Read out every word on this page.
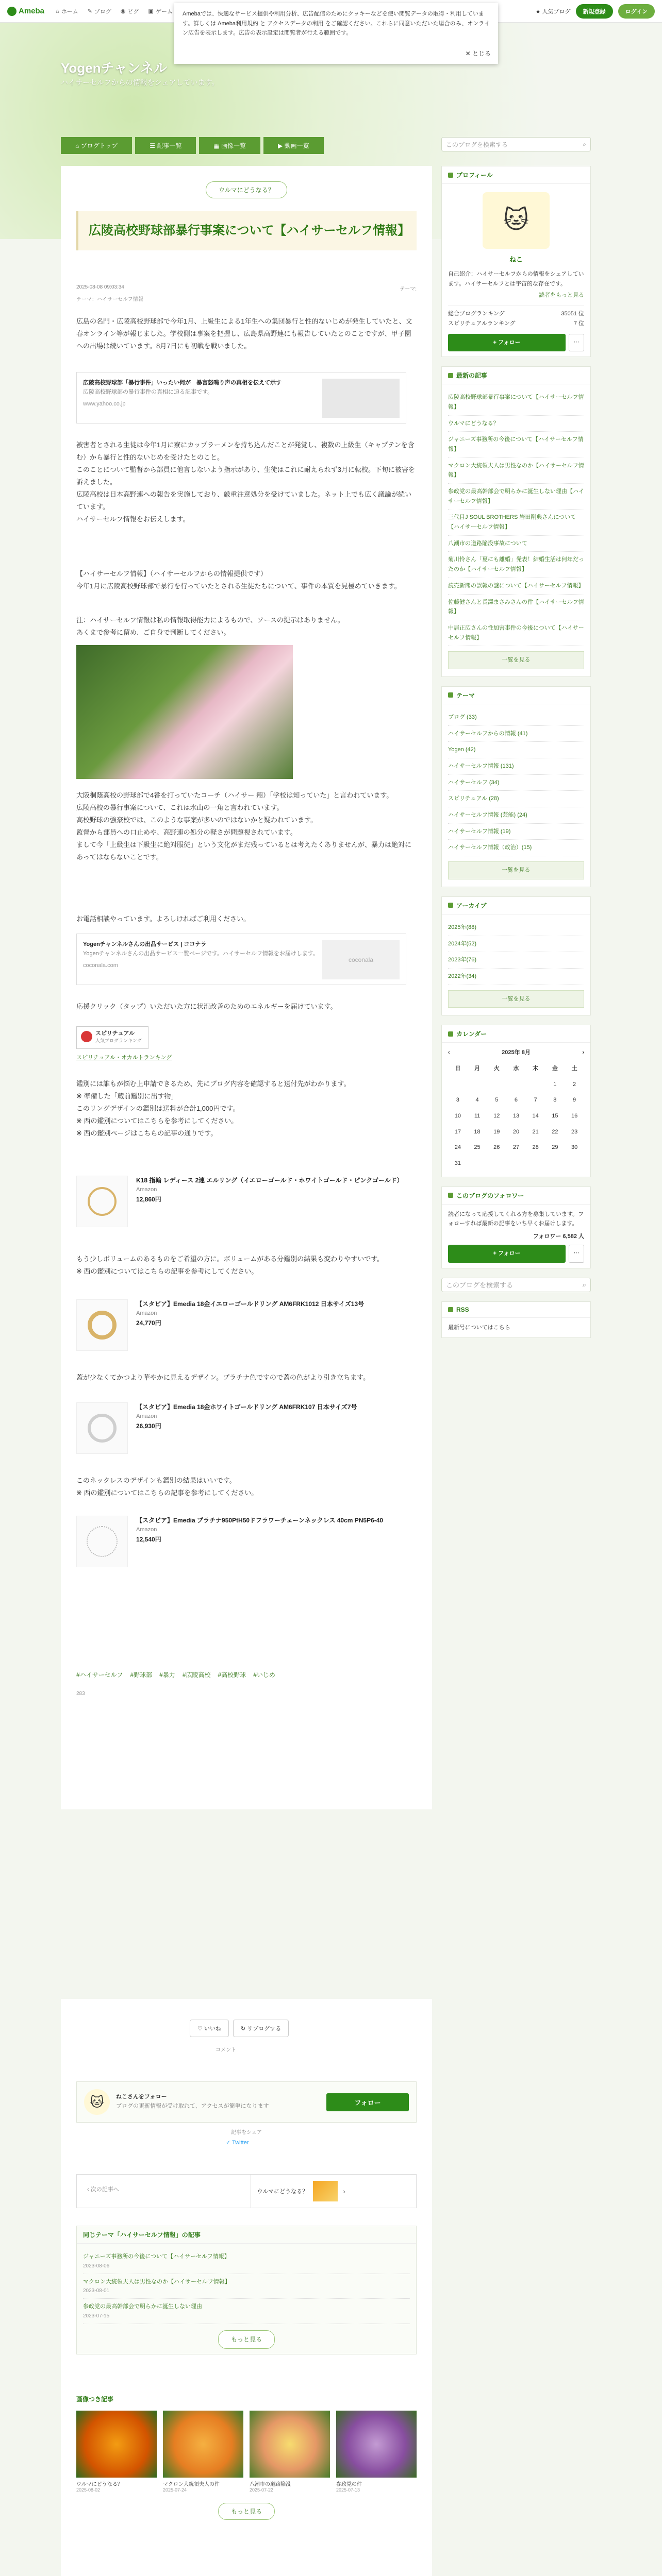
Ameba ⌂ ホーム ✎ ブログ ◉ ピグ ▣ ゲーム	★ 人気ブログ	新規登録	ログイン
Amebaでは、快適なサービス提供や利用分析、広告配信のためにクッキーなどを使い閲覧データの取得・利用しています。詳しくは Ameba利用規約 と アクセスデータの利用 をご確認ください。これらに同意いただいた場合のみ、オンライン広告を表示します。広告の表示設定は閲覧者が行える範囲です。
✕ とじる
Yogenチャンネル
ハイサーセルフからの情報をシェアしています。
⌂ ブログトップ	☰ 記事一覧	▦ 画像一覧	▶ 動画一覧	このブログを検索する	⌕
ウルマにどうなる？
広陵高校野球部暴行事案について【ハイサーセルフ情報】
2025-08-08 09:03:34	テーマ:
テーマ：ハイサーセルフ情報
広島の名門・広陵高校野球部で今年1月、上級生による1年生への集団暴行と性的ないじめが発生していたと、文春オンライン等が報じました。学校側は事案を把握し、広島県高野連にも報告していたとのことですが、甲子園への出場は続いています。8月7日にも初戦を戦いました。
広陵高校野球部「暴行事件」いったい何が　暴言怒鳴り声の真相を伝えて示す
広陵高校野球部の暴行事件の真相に迫る記事です。
www.yahoo.co.jp
被害者とされる生徒は今年1月に寮にカップラーメンを持ち込んだことが発覚し、複数の上級生（キャプテンを含む）から暴行と性的ないじめを受けたとのこと。
このことについて監督から部員に他言しないよう指示があり、生徒はこれに耐えられず3月に転校。下旬に被害を訴えました。
広陵高校は日本高野連への報告を実施しており、厳重注意処分を受けていました。ネット上でも広く議論が続いています。
ハイサーセルフ情報をお伝えします。
【ハイサーセルフ情報】（ハイサーセルフからの情報提供です）
今年1月に広陵高校野球部で暴行を行っていたとされる生徒たちについて、事件の本質を見極めていきます。
注：ハイサーセルフ情報は私の情報取得能力によるもので、ソースの提示はありません。
あくまで参考に留め、ご自身で判断してください。
大阪桐蔭高校の野球部で4番を打っていたコーチ（ハイサー 翔）「学校は知っていた」と言われています。
広陵高校の暴行事案について、これは氷山の一角と言われています。
高校野球の強豪校では、このような事案が多いのではないかと疑われています。
監督から部員への口止めや、高野連の処分の軽さが問題視されています。
まして今「上級生は下級生に絶対服従」という文化がまだ残っているとは考えたくありませんが、暴力は絶対にあってはならないことです。
お電話相談やっています。よろしければご利用ください。
Yogenチャンネルさんの出品サービス | ココナラ
Yogenチャンネルさんの出品サービス一覧ページです。ハイサーセルフ情報をお届けします。
coconala.com
coconala
応援クリック（タップ）いただいた方に状況改善のためのエネルギーを届けています。
スピリチュアル
人気ブログランキング
スピリチュアル・オカルトランキング
鑑別には誰もが悩む上申請できるため、先にブログ内容を確認すると送付先がわかります。
※ 準備した「蔵前鑑別に出す物」
このリングデザインの鑑別は送料が合計1,000円です。
※ 西の鑑別についてはこちらを参考にしてください。
※ 西の鑑別ページはこちらの記事の通りです。
K18 指輪 レディース 2連 エルリング（イエローゴールド・ホワイトゴールド・ピンクゴールド）
Amazon
12,860円
もう少しボリュームのあるものをご希望の方に。ボリュームがある分鑑別の結果も変わりやすいです。
※ 西の鑑別についてはこちらの記事を参考にしてください。
【スタビア】Emedia 18金イエローゴールドリング AM6FRK1012 日本サイズ13号
Amazon
24,770円
蓋が少なくてかつより華やかに見えるデザイン。プラチナ色ですので蓋の色がより引き立ちます。
【スタビア】Emedia 18金ホワイトゴールドリング AM6FRK107 日本サイズ7号
Amazon
26,930円
このネックレスのデザインも鑑別の結果はいいです。
※ 西の鑑別についてはこちらの記事を参考にしてください。
【スタビア】Emedia プラチナ950PtH50ドフラワーチェーンネックレス 40cm PN5P6-40
Amazon
12,540円
#ハイサーセルフ #野球部 #暴力 #広陵高校 #高校野球 #いじめ
283
プロフィール
🐱
ねこ
自己紹介：ハイサーセルフからの情報をシェアしています。ハイサーセルフとは宇宙的な存在です。
読者をもっと見る
総合ブログランキング	35051 位
スピリチュアルランキング	7 位
+ フォロー	⋯
最新の記事
広陵高校野球部暴行事案について【ハイサーセルフ情報】
ウルマにどうなる？
ジャニーズ事務所の今後について【ハイサーセルフ情報】
マクロン大統領夫人は男性なのか【ハイサーセルフ情報】
参政党の最高幹部会で明らかに誕生しない理由【ハイサーセルフ情報】
三代目J SOUL BROTHERS 岩田剛典さんについて【ハイサーセルフ情報】
八潮市の道路陥没事故について
菊川怜さん「夏にも離婚」発表！結婚生活は何年だったのか【ハイサーセルフ情報】
読売新聞の誤報の謎について【ハイサーセルフ情報】
佐藤健さんと長澤まさみさんの件【ハイサーセルフ情報】
中居正広さんの性加害事件の今後について【ハイサーセルフ情報】
一覧を見る
テーマ
ブログ (33)
ハイサーセルフからの情報 (41)
Yogen (42)
ハイサーセルフ情報 (131)
ハイサーセルフ (34)
スピリチュアル (28)
ハイサーセルフ情報 (芸能) (24)
ハイサーセルフ情報 (19)
ハイサーセルフ情報（政治）(15)
一覧を見る
アーカイブ
2025年(88)
2024年(52)
2023年(76)
2022年(34)
一覧を見る
カレンダー
‹	2025年 8月	›
日	月	火	水	木	金	土
					1	2
3	4	5	6	7	8	9
10	11	12	13	14	15	16
17	18	19	20	21	22	23
24	25	26	27	28	29	30
31						
このブログのフォロワー
読者になって応援してくれる方を募集しています。フォローすれば最新の記事をいち早くお届けします。
フォロワー 6,582 人
+ フォロー	⋯
このブログを検索する	⌕
RSS
最新号についてはこちら
♡ いいね	↻ リブログする
コメント
🐱	ねこさんをフォロー
ブログの更新情報が受け取れて、アクセスが簡単になります	フォロー
記事をシェア
✓ Twitter
‹ 次の記事へ	ウルマにどうなる？	›
同じテーマ「ハイサーセルフ情報」の記事
ジャニーズ事務所の今後について【ハイサーセルフ情報】
2023-08-06
マクロン大統領夫人は男性なのか【ハイサーセルフ情報】
2023-08-01
参政党の最高幹部会で明らかに誕生しない理由
2023-07-15
もっと見る
画像つき記事
ウルマにどうなる？
2025-08-02
マクロン大統領夫人の件
2025-07-24
八潮市の道路陥没
2025-07-22
参政党の件
2025-07-13
もっと見る
